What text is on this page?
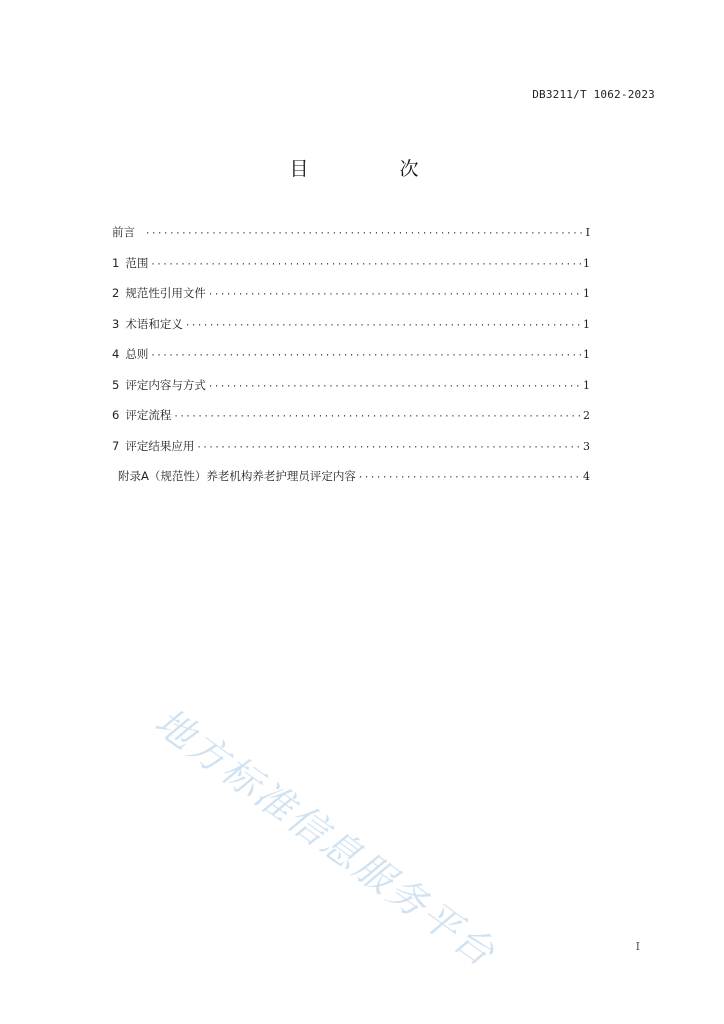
DB3211/T 1062-2023
目　次
前言 ·····	I
1 范围 ·····	1
2 规范性引用文件 ·····	1
3 术语和定义 ·····	1
4 总则 ·····	1
5 评定内容与方式 ·····	1
6 评定流程 ·····	2
7 评定结果应用 ·····	3
附录A（规范性）养老机构养老护理员评定内容 ·····	4
地方标准信息服务平台	I
